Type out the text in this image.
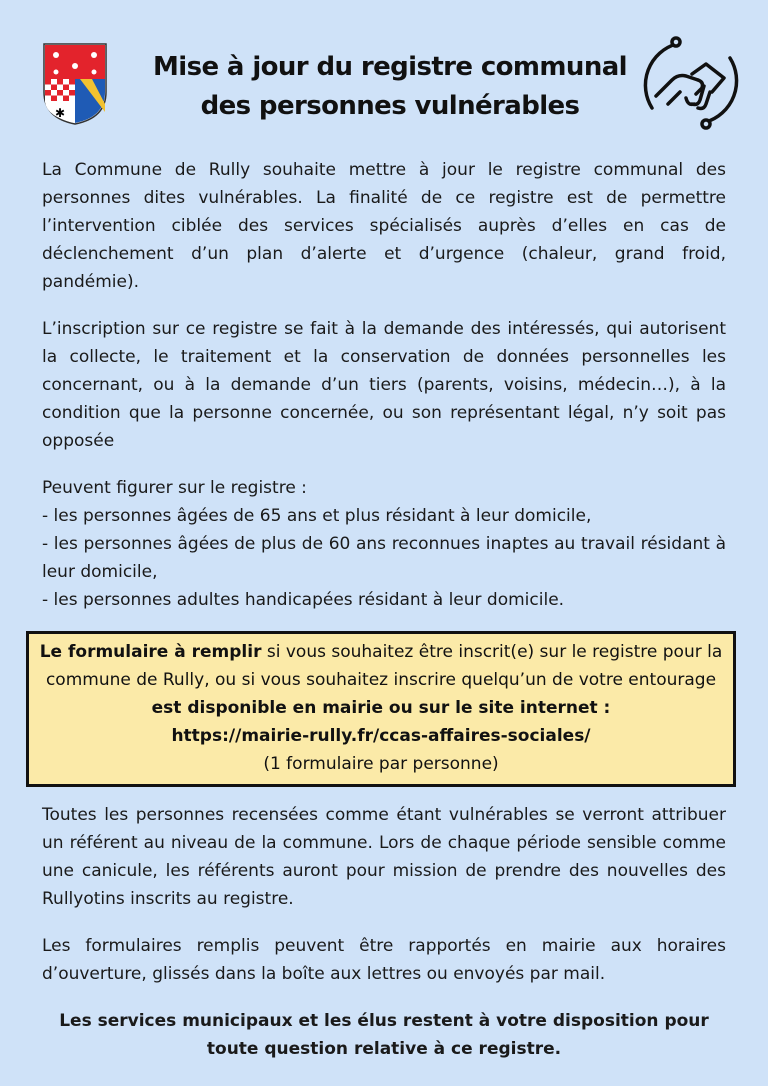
✱
Mise à jour du registre communal
des personnes vulnérables

La Commune de Rully souhaite mettre à jour le registre communal des personnes dites vulnérables. La finalité de ce registre est de permettre l’intervention ciblée des services spécialisés auprès d’elles en cas de déclenchement d’un plan d’alerte et d’urgence (chaleur, grand froid, pandémie).

L’inscription sur ce registre se fait à la demande des intéressés, qui autorisent la collecte, le traitement et la conservation de données personnelles les concernant, ou à la demande d’un tiers (parents, voisins, médecin…), à la condition que la personne concernée, ou son représentant légal, n’y soit pas opposée

Peuvent figurer sur le registre :
- les personnes âgées de 65 ans et plus résidant à leur domicile,
- les personnes âgées de plus de 60 ans reconnues inaptes au travail résidant à leur domicile,
- les personnes adultes handicapées résidant à leur domicile.

Le formulaire à remplir si vous souhaitez être inscrit(e) sur le registre pour la commune de Rully, ou si vous souhaitez inscrire quelqu’un de votre entourage est disponible en mairie ou sur le site internet :
https://mairie-rully.fr/ccas-affaires-sociales/
(1 formulaire par personne)

Toutes les personnes recensées comme étant vulnérables se verront attribuer un référent au niveau de la commune. Lors de chaque période sensible comme une canicule, les référents auront pour mission de prendre des nouvelles des Rullyotins inscrits au registre.

Les formulaires remplis peuvent être rapportés en mairie aux horaires d’ouverture, glissés dans la boîte aux lettres ou envoyés par mail.

Les services municipaux et les élus restent à votre disposition pour toute question relative à ce registre.
